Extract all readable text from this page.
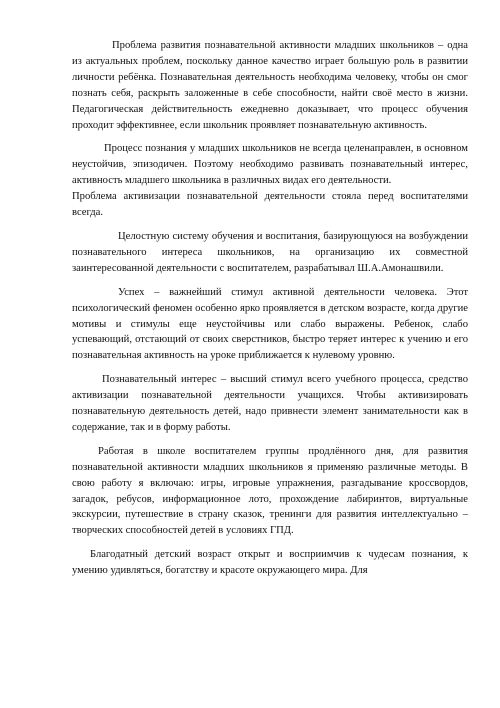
Проблема развития познавательной активности младших школьников – одна из актуальных проблем, поскольку данное качество играет большую роль в развитии личности ребёнка. Познавательная деятельность необходима человеку, чтобы он смог познать себя, раскрыть заложенные в себе способности, найти своё место в жизни. Педагогическая действительность ежедневно доказывает, что процесс обучения проходит эффективнее, если школьник проявляет познавательную активность.

Процесс познания у младших школьников не всегда целенаправлен, в основном неустойчив, эпизодичен. Поэтому необходимо развивать познавательный интерес, активность младшего школьника в различных видах его деятельности.

Проблема активизации познавательной деятельности стояла перед воспитателями всегда.

Целостную систему обучения и воспитания, базирующуюся на возбуждении познавательного интереса школьников, на организацию их совместной заинтересованной деятельности с воспитателем, разрабатывал Ш.А.Амонашвили.

Успех – важнейший стимул активной деятельности человека. Этот психологический феномен особенно ярко проявляется в детском возрасте, когда другие мотивы и стимулы еще неустойчивы или слабо выражены. Ребенок, слабо успевающий, отстающий от своих сверстников, быстро теряет интерес к учению и его познавательная активность на уроке приближается к нулевому уровню.

Познавательный интерес – высший стимул всего учебного процесса, средство активизации познавательной деятельности учащихся. Чтобы активизировать познавательную деятельность детей, надо привнести элемент занимательности как в содержание, так и в форму работы.

Работая в школе воспитателем группы продлённого дня, для развития познавательной активности младших школьников я применяю различные методы. В свою работу я включаю: игры, игровые упражнения, разгадывание кроссвордов, загадок, ребусов, информационное лото, прохождение лабиринтов, виртуальные экскурсии, путешествие в страну сказок, тренинги для развития интеллектуально – творческих способностей детей в условиях ГПД.

Благодатный детский возраст открыт и восприимчив к чудесам познания, к умению удивляться, богатству и красоте окружающего мира. Для
